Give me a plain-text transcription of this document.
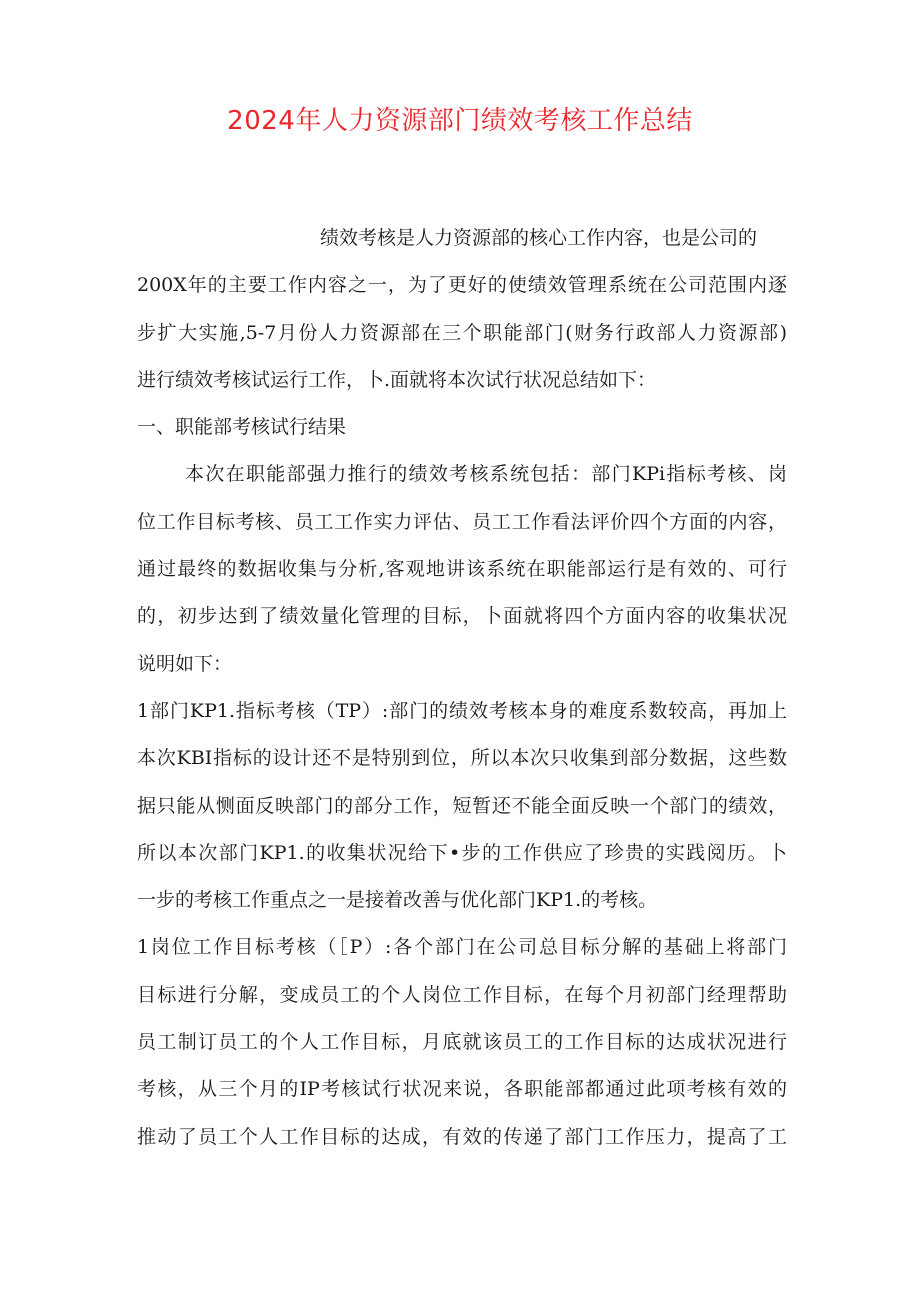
2024年人力资源部门绩效考核工作总结
绩效考核是人力资源部的核心工作内容，也是公司的
200X年的主要工作内容之一，为了更好的使绩效管理系统在公司范围内逐
步扩大实施,5-7月份人力资源部在三个职能部门(财务行政部人力资源部)
进行绩效考核试运行工作，卜.面就将本次试行状况总结如下：
一、职能部考核试行结果
本次在职能部强力推行的绩效考核系统包括：部门KPi指标考核、岗
位工作目标考核、员工工作实力评估、员工工作看法评价四个方面的内容，
通过最终的数据收集与分析,客观地讲该系统在职能部运行是有效的、可行
的，初步达到了绩效量化管理的目标，卜面就将四个方面内容的收集状况
说明如下：
1部门KP1.指标考核（TP）:部门的绩效考核本身的难度系数较高，再加上
本次KBI指标的设计还不是特别到位，所以本次只收集到部分数据，这些数
据只能从恻面反映部门的部分工作，短暂还不能全面反映一个部门的绩效，
所以本次部门KP1.的收集状况给下•步的工作供应了珍贵的实践阅历。卜
一步的考核工作重点之一是接着改善与优化部门KP1.的考核。
1岗位工作目标考核（［P）:各个部门在公司总目标分解的基础上将部门
目标进行分解，变成员工的个人岗位工作目标，在每个月初部门经理帮助
员工制订员工的个人工作目标，月底就该员工的工作目标的达成状况进行
考核，从三个月的IP考核试行状况来说，各职能部都通过此项考核有效的
推动了员工个人工作目标的达成，有效的传递了部门工作压力，提高了工
